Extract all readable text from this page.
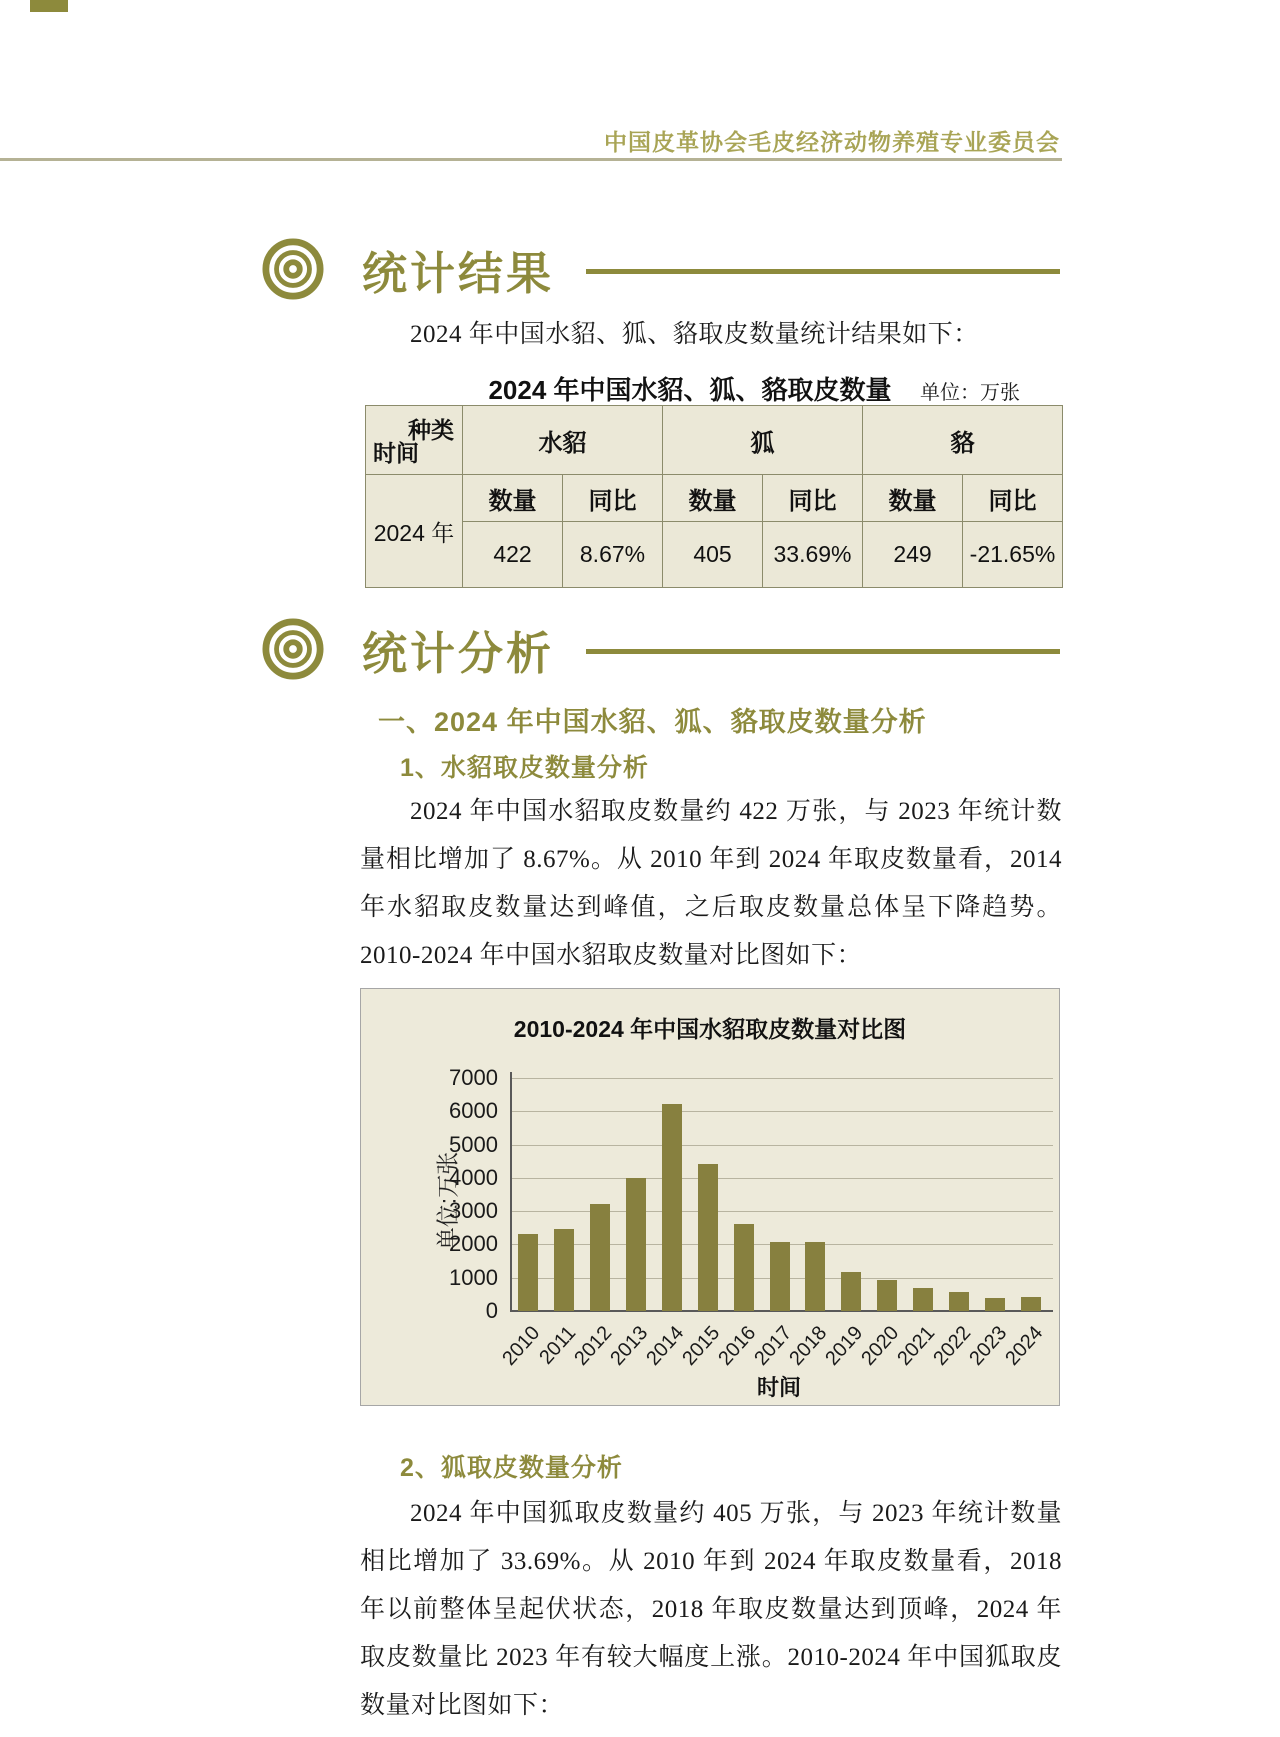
中国皮革协会毛皮经济动物养殖专业委员会
统计结果
2024 年中国水貂、狐、貉取皮数量统计结果如下：
2024 年中国水貂、狐、貉取皮数量	单位：万张
种类
时间	水貂		狐		貉	
2024 年	数量	同比	数量	同比	数量	同比
	422	8.67%	405	33.69%	249	-21.65%
统计分析
一、2024 年中国水貂、狐、貉取皮数量分析
1、水貂取皮数量分析
2024 年中国水貂取皮数量约 422 万张，与 2023 年统计数量相比增加了 8.67%。从 2010 年到 2024 年取皮数量看，2014 年水貂取皮数量达到峰值，之后取皮数量总体呈下降趋势。2010-2024 年中国水貂取皮数量对比图如下：
2010-2024 年中国水貂取皮数量对比图
单位:万张
时间
0
1000
2000
3000
4000
5000
6000
7000
2010
2011
2012
2013
2014
2015
2016
2017
2018
2019
2020
2021
2022
2023
2024
2、狐取皮数量分析
2024 年中国狐取皮数量约 405 万张，与 2023 年统计数量相比增加了 33.69%。从 2010 年到 2024 年取皮数量看，2018 年以前整体呈起伏状态，2018 年取皮数量达到顶峰，2024 年取皮数量比 2023 年有较大幅度上涨。2010-2024 年中国狐取皮数量对比图如下：
